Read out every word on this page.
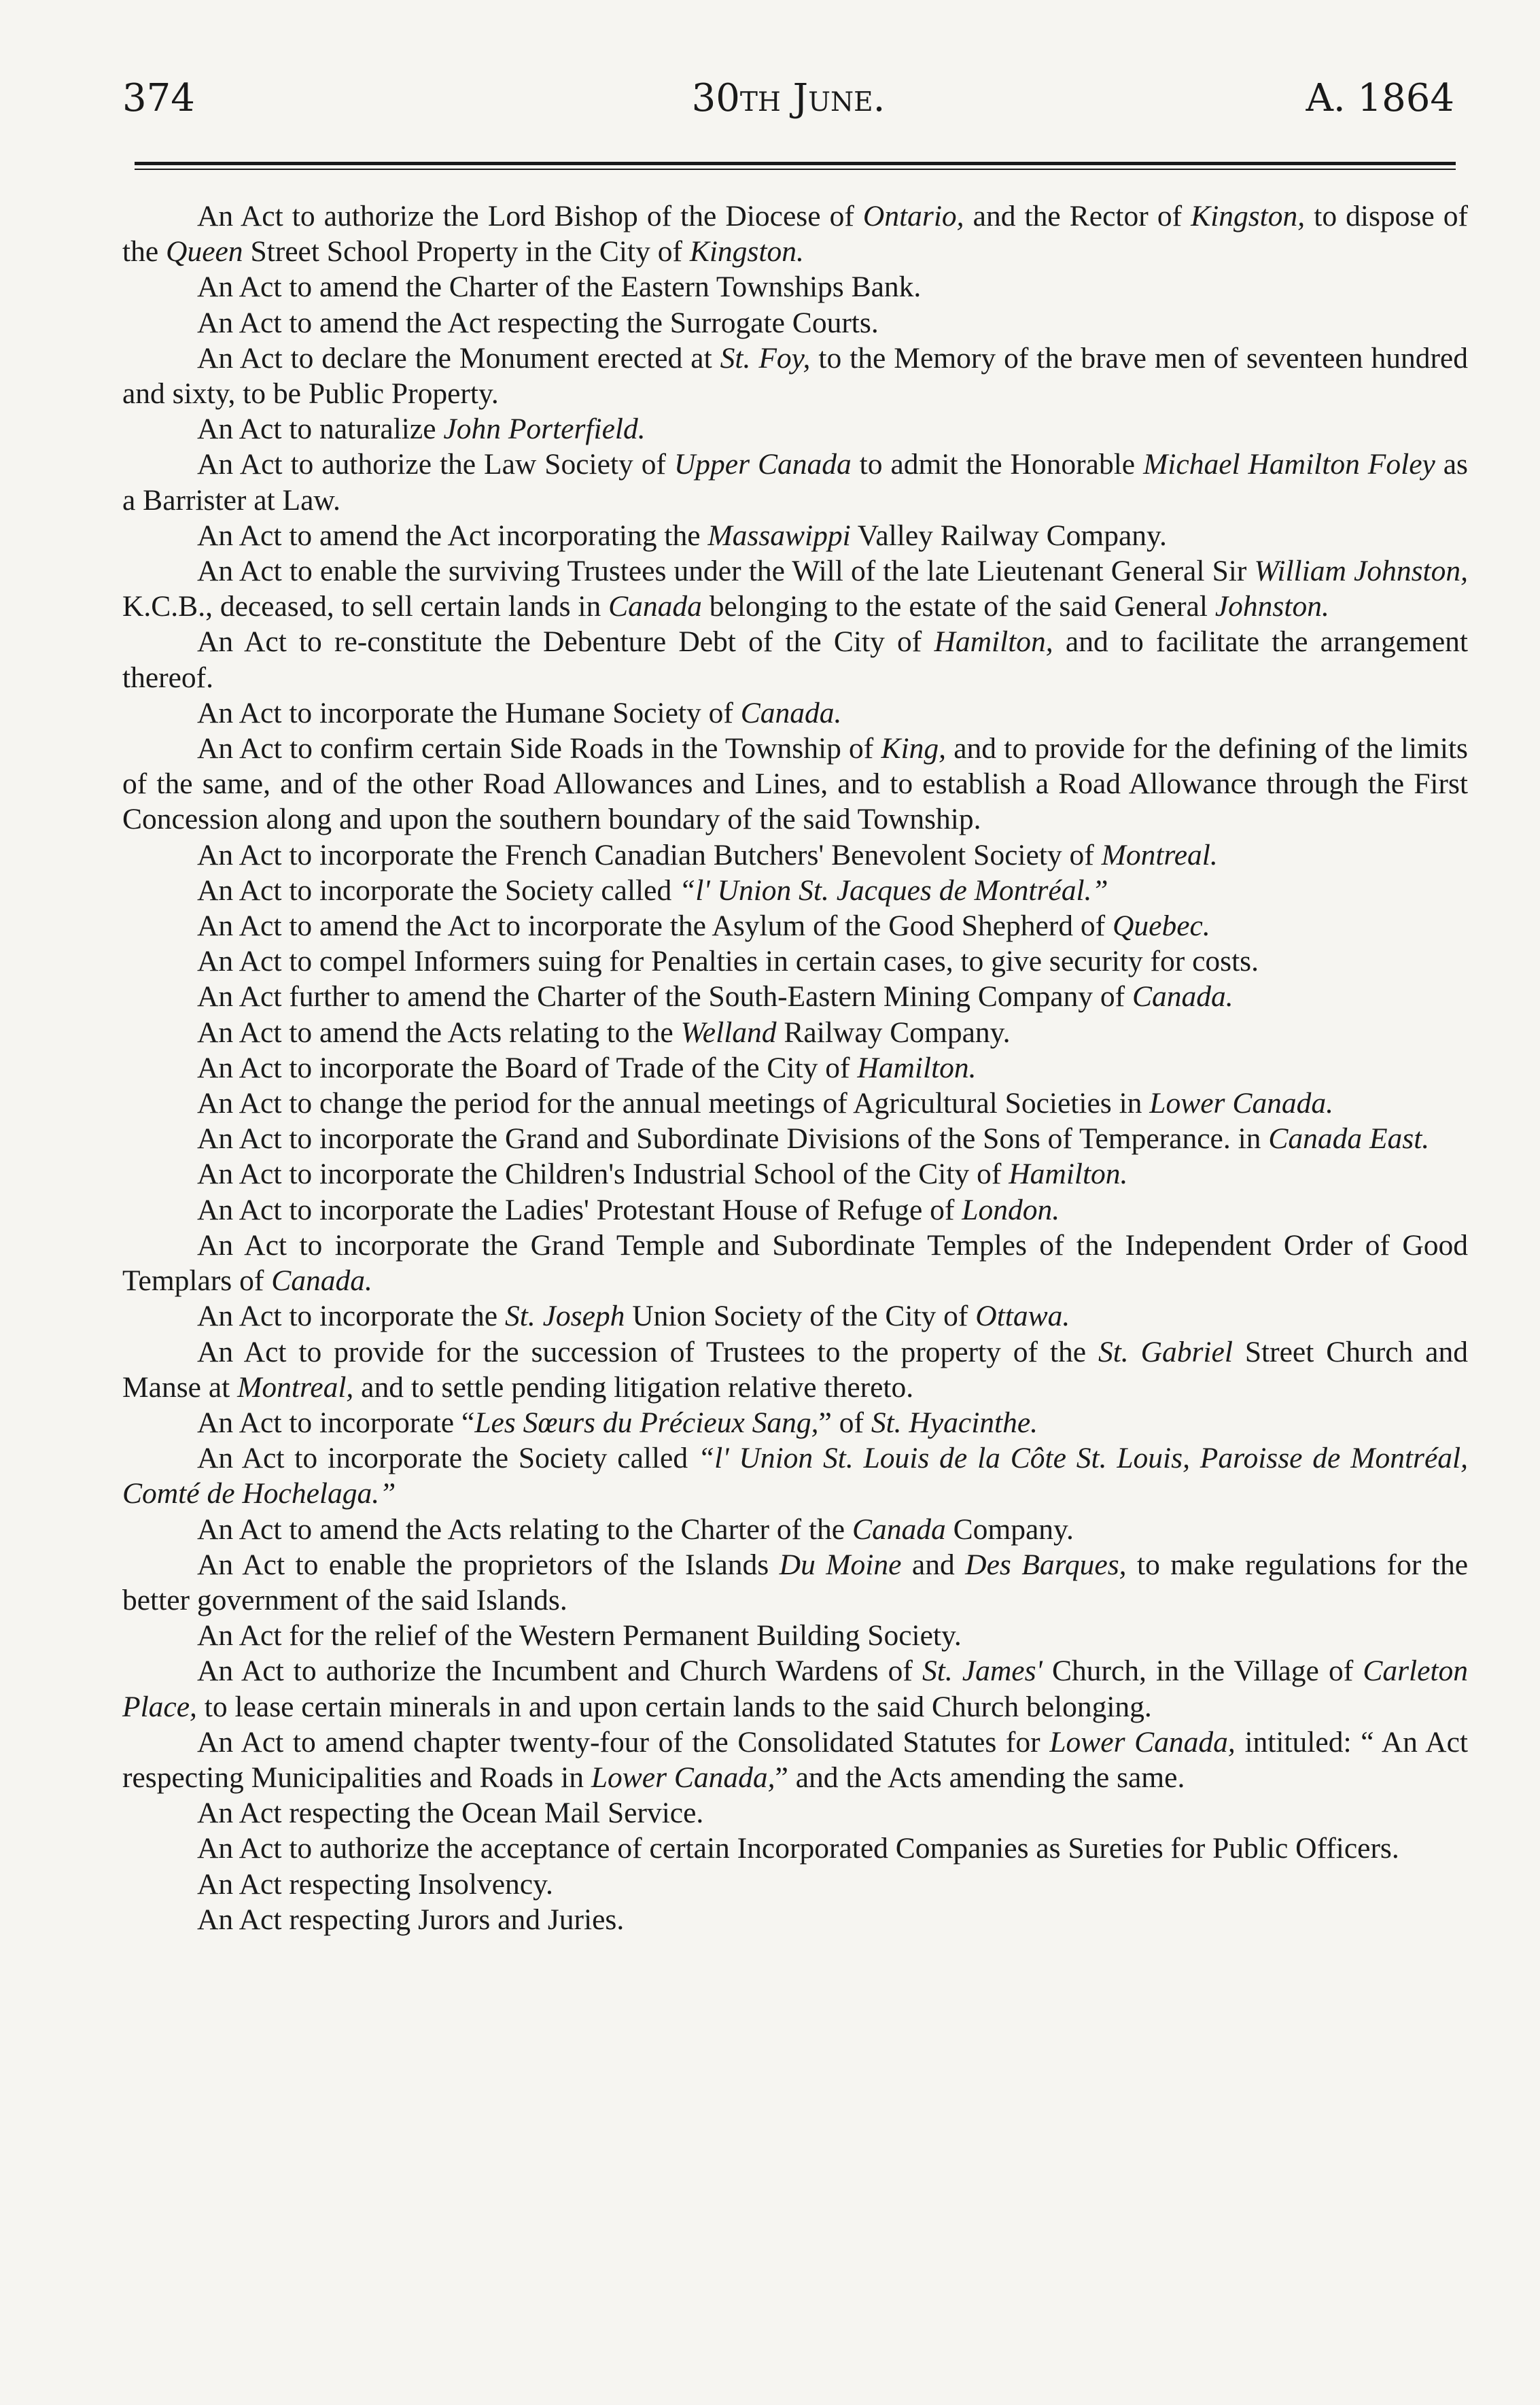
374	30th June.	A. 1864

An Act to authorize the Lord Bishop of the Diocese of Ontario, and the Rector of Kingston, to dispose of the Queen Street School Property in the City of Kingston.

An Act to amend the Charter of the Eastern Townships Bank.

An Act to amend the Act respecting the Surrogate Courts.

An Act to declare the Monument erected at St. Foy, to the Memory of the brave men of seventeen hundred and sixty, to be Public Property.

An Act to naturalize John Porterfield.

An Act to authorize the Law Society of Upper Canada to admit the Honorable Michael Hamilton Foley as a Barrister at Law.

An Act to amend the Act incorporating the Massawippi Valley Railway Company.

An Act to enable the surviving Trustees under the Will of the late Lieutenant General Sir William Johnston, K.C.B., deceased, to sell certain lands in Canada belonging to the estate of the said General Johnston.

An Act to re-constitute the Debenture Debt of the City of Hamilton, and to facilitate the arrangement thereof.

An Act to incorporate the Humane Society of Canada.

An Act to confirm certain Side Roads in the Township of King, and to provide for the defining of the limits of the same, and of the other Road Allowances and Lines, and to establish a Road Allowance through the First Concession along and upon the southern boundary of the said Township.

An Act to incorporate the French Canadian Butchers' Benevolent Society of Montreal.

An Act to incorporate the Society called “l' Union St. Jacques de Montréal.”

An Act to amend the Act to incorporate the Asylum of the Good Shepherd of Quebec.

An Act to compel Informers suing for Penalties in certain cases, to give security for costs.

An Act further to amend the Charter of the South-Eastern Mining Company of Canada.

An Act to amend the Acts relating to the Welland Railway Company.

An Act to incorporate the Board of Trade of the City of Hamilton.

An Act to change the period for the annual meetings of Agricultural Societies in Lower Canada.

An Act to incorporate the Grand and Subordinate Divisions of the Sons of Temperance. in Canada East.

An Act to incorporate the Children's Industrial School of the City of Hamilton.

An Act to incorporate the Ladies' Protestant House of Refuge of London.

An Act to incorporate the Grand Temple and Subordinate Temples of the Independent Order of Good Templars of Canada.

An Act to incorporate the St. Joseph Union Society of the City of Ottawa.

An Act to provide for the succession of Trustees to the property of the St. Gabriel Street Church and Manse at Montreal, and to settle pending litigation relative thereto.

An Act to incorporate “Les Sœurs du Précieux Sang,” of St. Hyacinthe.

An Act to incorporate the Society called “l' Union St. Louis de la Côte St. Louis, Paroisse de Montréal, Comté de Hochelaga.”

An Act to amend the Acts relating to the Charter of the Canada Company.

An Act to enable the proprietors of the Islands Du Moine and Des Barques, to make regulations for the better government of the said Islands.

An Act for the relief of the Western Permanent Building Society.

An Act to authorize the Incumbent and Church Wardens of St. James' Church, in the Village of Carleton Place, to lease certain minerals in and upon certain lands to the said Church belonging.

An Act to amend chapter twenty-four of the Consolidated Statutes for Lower Canada, intituled: “ An Act respecting Municipalities and Roads in Lower Canada,” and the Acts amending the same.

An Act respecting the Ocean Mail Service.

An Act to authorize the acceptance of certain Incorporated Companies as Sureties for Public Officers.

An Act respecting Insolvency.

An Act respecting Jurors and Juries.
